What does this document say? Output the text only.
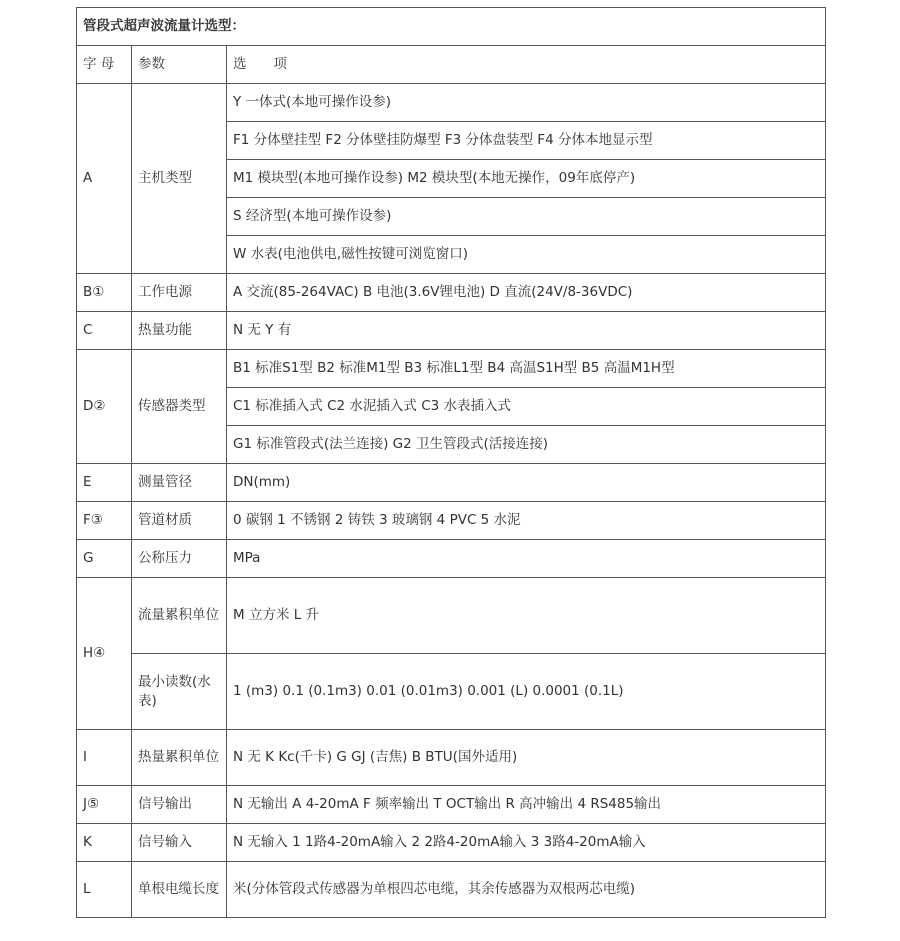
管段式超声波流量计选型：		
字 母	参数	选　　项
A	主机类型	Y 一体式(本地可操作设参)
		F1 分体壁挂型 F2 分体壁挂防爆型 F3 分体盘装型 F4 分体本地显示型
		M1 模块型(本地可操作设参) M2 模块型(本地无操作，09年底停产)
		S 经济型(本地可操作设参)
		W 水表(电池供电,磁性按键可浏览窗口)
B①	工作电源	A 交流(85-264VAC) B 电池(3.6V锂电池) D 直流(24V/8-36VDC)
C	热量功能	N 无 Y 有
D②	传感器类型	B1 标准S1型 B2 标准M1型 B3 标准L1型 B4 高温S1H型 B5 高温M1H型
		C1 标准插入式 C2 水泥插入式 C3 水表插入式
		G1 标准管段式(法兰连接) G2 卫生管段式(活接连接)
E	测量管径	DN(mm)
F③	管道材质	0 碳钢 1 不锈钢 2 铸铁 3 玻璃钢 4 PVC 5 水泥
G	公称压力	MPa
H④	流量累积单位	M 立方米 L 升
	最小读数(水表)	1 (m3) 0.1 (0.1m3) 0.01 (0.01m3) 0.001 (L) 0.0001 (0.1L)
I	热量累积单位	N 无 K Kc(千卡) G GJ (吉焦) B BTU(国外适用)
J⑤	信号输出	N 无输出 A 4-20mA F 频率输出 T OCT输出 R 高冲输出 4 RS485输出
K	信号输入	N 无输入 1 1路4-20mA输入 2 2路4-20mA输入 3 3路4-20mA输入
L	单根电缆长度	米(分体管段式传感器为单根四芯电缆，其余传感器为双根两芯电缆)
